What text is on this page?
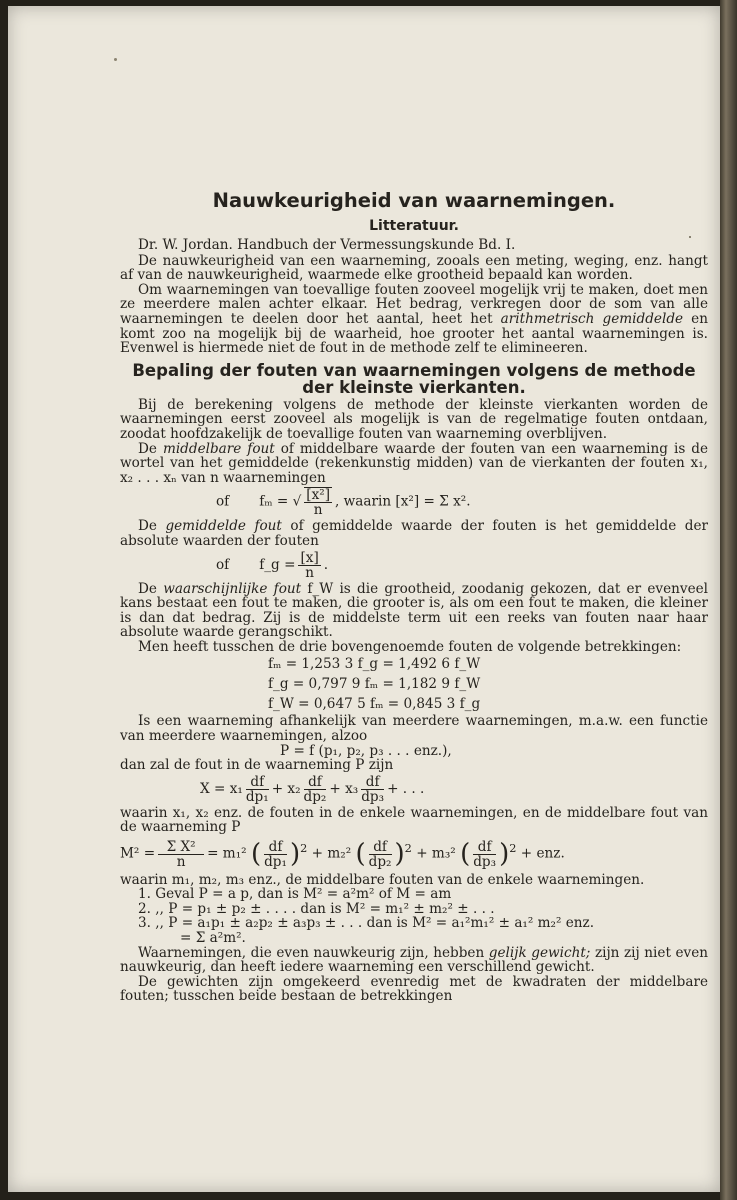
Nauwkeurigheid van waarnemingen.
Litteratuur.
Dr. W. Jordan. Handbuch der Vermessungskunde Bd. I.
De nauwkeurigheid van een waarneming, zooals een meting, weging, enz. hangt af van de nauwkeurigheid, waarmede elke grootheid bepaald kan worden.
Om waarnemingen van toevallige fouten zooveel mogelijk vrij te maken, doet men ze meerdere malen achter elkaar. Het bedrag, verkregen door de som van alle waarnemingen te deelen door het aantal, heet het arithmetrisch gemiddelde en komt zoo na mogelijk bij de waarheid, hoe grooter het aantal waarnemingen is. Evenwel is hiermede niet de fout in de methode zelf te elimineeren.
Bepaling der fouten van waarnemingen volgens de methode der kleinste vierkanten.
Bij de berekening volgens de methode der kleinste vierkanten worden de waarnemingen eerst zooveel als mogelijk is van de regelmatige fouten ontdaan, zoodat hoofdzakelijk de toevallige fouten van waarneming overblijven.
De middelbare fout of middelbare waarde der fouten van een waarneming is de wortel van het gemiddelde (rekenkunstig midden) van de vierkanten der fouten x₁, x₂ . . . xₙ van n waarnemingen
of fₘ = √ $\frac{\text{[x²]}}{n}$ , waarin [x²] = Σ x².
De gemiddelde fout of gemiddelde waarde der fouten is het gemiddelde der absolute waarden der fouten
of f_g = $\frac{[x]}{n}$ .
De waarschijnlijke fout f_W is die grootheid, zoodanig gekozen, dat er evenveel kans bestaat een fout te maken, die grooter is, als om een fout te maken, die kleiner is dan dat bedrag. Zij is de middelste term uit een reeks van fouten naar haar absolute waarde gerangschikt.
Men heeft tusschen de drie bovengenoemde fouten de volgende betrekkingen:
fₘ = 1,253 3 f_g = 1,492 6 f_W
f_g = 0,797 9 fₘ = 1,182 9 f_W
f_W = 0,647 5 fₘ = 0,845 3 f_g
Is een waarneming afhankelijk van meerdere waarnemingen, m.a.w. een functie van meerdere waarnemingen, alzoo
P = f (p₁, p₂, p₃ . . . enz.),
dan zal de fout in de waarneming P zijn
$X = x_1 \frac{df}{\text{dp₁}} + x_2 \frac{df}{\text{dp₂}} + x_3 \frac{df}{\text{dp₃}}$ + . . .
waarin x₁, x₂ enz. de fouten in de enkele waarnemingen, en de middelbare fout van de waarneming P
$M^2 = \frac{\text{Σ X²}}{n} = m_1^2$ ( $\frac{df}{\text{dp₁}} )^2 + m_2^2$ ( $\frac{df}{\text{dp₂}} )^2 + m_3^2$ ( $\frac{df}{\text{dp₃}} )^2$ + enz.
waarin m₁, m₂, m₃ enz., de middelbare fouten van de enkele waarnemingen.
1. Geval P = a p, dan is M² = a²m² of M = am
2. ,, P = p₁ ± p₂ ± . . . . dan is M² = m₁² ± m₂² ± . . .
3. ,, P = a₁p₁ ± a₂p₂ ± a₃p₃ ± . . . dan is M² = a₁²m₁² ± a₁² m₂² enz.
= Σ a²m².
Waarnemingen, die even nauwkeurig zijn, hebben gelijk gewicht; zijn zij niet even nauwkeurig, dan heeft iedere waarneming een verschillend gewicht.
De gewichten zijn omgekeerd evenredig met de kwadraten der middelbare fouten; tusschen beide bestaan de betrekkingen
